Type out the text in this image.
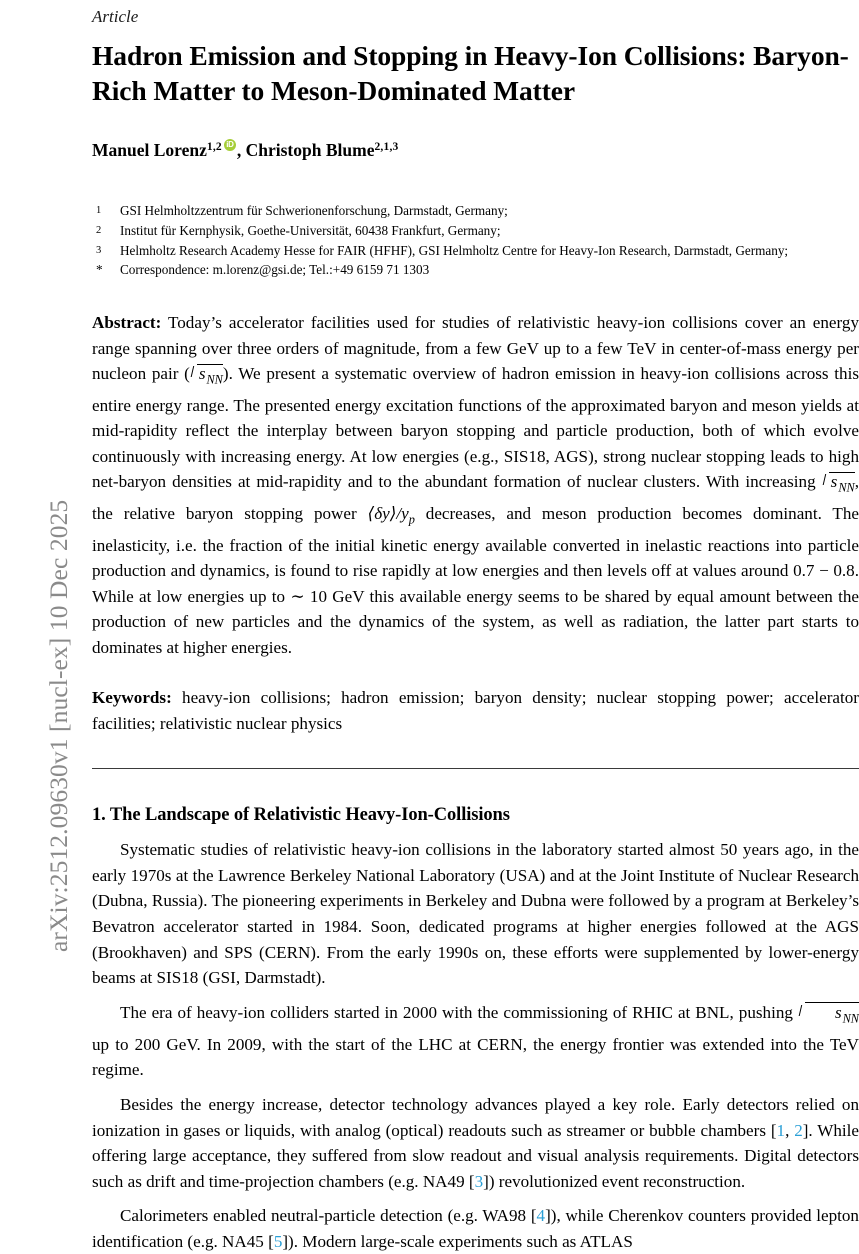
arXiv:2512.09630v1 [nucl-ex] 10 Dec 2025

Article

Hadron Emission and Stopping in Heavy-Ion Collisions: Baryon-Rich Matter to Meson-Dominated Matter

Manuel Lorenz$^{1,2}$ iD , Christoph Blume$^{2,1,3}$

1	GSI Helmholtzzentrum für Schwerionenforschung, Darmstadt, Germany;
2	Institut für Kernphysik, Goethe-Universität, 60438 Frankfurt, Germany;
3	Helmholtz Research Academy Hesse for FAIR (HFHF), GSI Helmholtz Centre for Heavy-Ion Research, Darmstadt, Germany;
*	Correspondence: m.lorenz@gsi.de; Tel.:+49 6159 71 1303

Abstract: Today’s accelerator facilities used for studies of relativistic heavy-ion collisions cover an energy range spanning over three orders of magnitude, from a few GeV up to a few TeV in center-of-mass energy per nucleon pair ( $s_{NN}$). We present a systematic overview of hadron emission in heavy-ion collisions across this entire energy range. The presented energy excitation functions of the approximated baryon and meson yields at mid-rapidity reflect the interplay between baryon stopping and particle production, both of which evolve continuously with increasing energy. At low energies (e.g., SIS18, AGS), strong nuclear stopping leads to high net-baryon densities at mid-rapidity and to the abundant formation of nuclear clusters. With increasing $s_{NN}$, the relative baryon stopping power $⟨\delta y⟩/y_p$ decreases, and meson production becomes dominant. The inelasticity, i.e. the fraction of the initial kinetic energy available converted in inelastic reactions into particle production and dynamics, is found to rise rapidly at low energies and then levels off at values around 0.7 − 0.8. While at low energies up to ∼ 10 GeV this available energy seems to be shared by equal amount between the production of new particles and the dynamics of the system, as well as radiation, the latter part starts to dominates at higher energies.

Keywords: heavy-ion collisions; hadron emission; baryon density; nuclear stopping power; accelerator facilities; relativistic nuclear physics

1. The Landscape of Relativistic Heavy-Ion-Collisions

Systematic studies of relativistic heavy-ion collisions in the laboratory started almost 50 years ago, in the early 1970s at the Lawrence Berkeley National Laboratory (USA) and at the Joint Institute of Nuclear Research (Dubna, Russia). The pioneering experiments in Berkeley and Dubna were followed by a program at Berkeley’s Bevatron accelerator started in 1984. Soon, dedicated programs at higher energies followed at the AGS (Brookhaven) and SPS (CERN). From the early 1990s on, these efforts were supplemented by lower-energy beams at SIS18 (GSI, Darmstadt).

The era of heavy-ion colliders started in 2000 with the commissioning of RHIC at BNL, pushing $s_{NN}$ up to 200 GeV. In 2009, with the start of the LHC at CERN, the energy frontier was extended into the TeV regime.

Besides the energy increase, detector technology advances played a key role. Early detectors relied on ionization in gases or liquids, with analog (optical) readouts such as streamer or bubble chambers [1, 2]. While offering large acceptance, they suffered from slow readout and visual analysis requirements. Digital detectors such as drift and time-projection chambers (e.g. NA49 [3]) revolutionized event reconstruction.

Calorimeters enabled neutral-particle detection (e.g. WA98 [4]), while Cherenkov counters provided lepton identification (e.g. NA45 [5]). Modern large-scale experiments such as ATLAS
